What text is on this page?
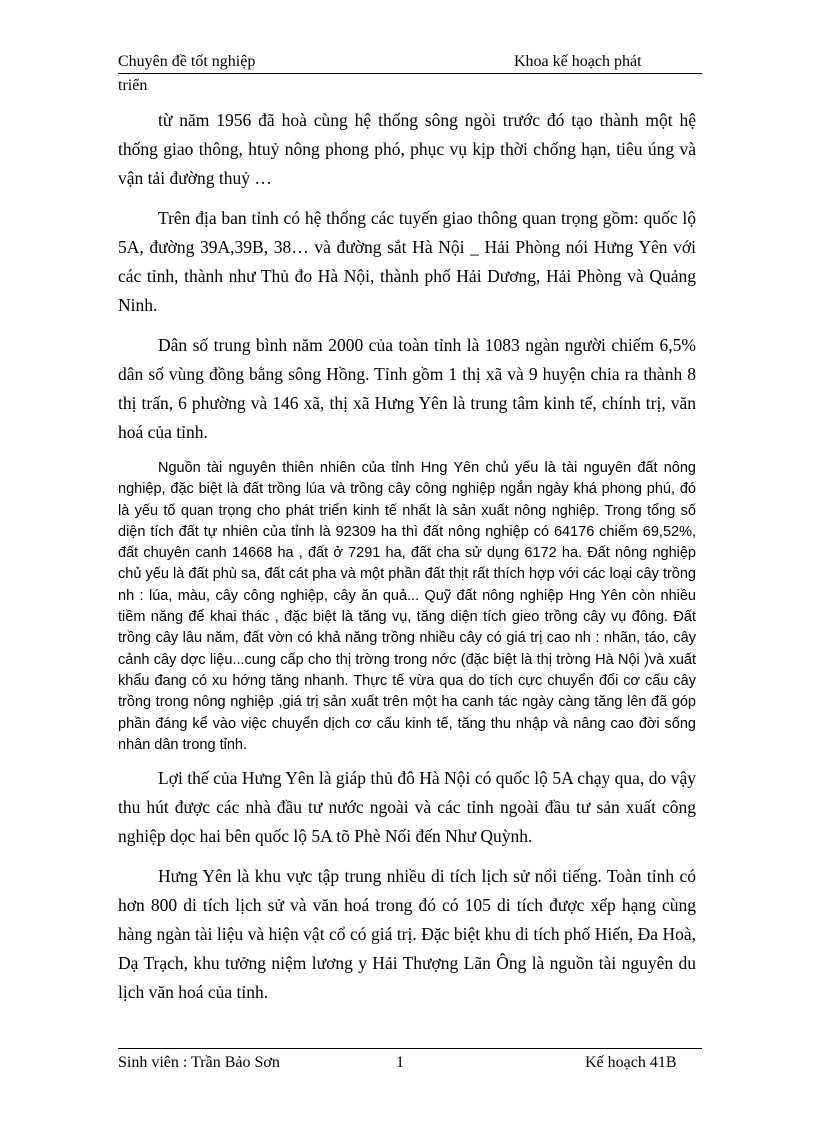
Chuyên đề tốt nghiệp	Khoa kế hoạch phát
triển

từ năm 1956 đã hoà cùng hệ thống sông ngòi trước đó tạo thành một hệ thống giao thông, htuỷ nông phong phó, phục vụ kịp thời chống hạn, tiêu úng và vận tải đường thuỷ …

Trên địa ban tỉnh có hệ thống các tuyến giao thông quan trọng gồm: quốc lộ 5A, đường 39A,39B, 38… và đường sắt Hà Nội _ Hải Phòng nói Hưng Yên với các tỉnh, thành như Thủ đo Hà Nội, thành phố Hải Dương, Hải Phòng và Quảng Ninh.

Dân số trung bình năm 2000 của toàn tỉnh là 1083 ngàn người chiếm 6,5% dân số vùng đồng bằng sông Hồng. Tỉnh gồm 1 thị xã và 9 huyện chia ra thành 8 thị trấn, 6 phường và 146 xã, thị xã Hưng Yên là trung tâm kinh tế, chính trị, văn hoá của tỉnh.

Nguồn tài nguyên thiên nhiên của tỉnh Hng Yên chủ yếu là tài nguyên đất nông nghiệp, đặc biệt là đất trồng lúa và trồng cây công nghiệp ngắn ngày khá phong phú, đó là yếu tố quan trọng cho phát triển kinh tế nhất là sản xuất nông nghiệp. Trong tổng số diện tích đất tự nhiên của tỉnh là 92309 ha thì đất nông nghiệp có 64176 chiếm 69,52%, đất chuyên canh 14668 ha , đất ở 7291 ha, đất cha sử dụng 6172 ha. Đất nông nghiệp chủ yếu là đất phù sa, đất cát pha và một phần đất thịt rất thích hợp với các loại cây trồng nh : lúa, màu, cây công nghiệp, cây ăn quả... Quỹ đất nông nghiệp Hng Yên còn nhiều tiềm năng để khai thác , đặc biệt là tăng vụ, tăng diện tích gieo trồng cây vụ đông. Đất trồng cây lâu năm, đất vờn có khả năng trồng nhiều cây có giá trị cao nh : nhãn, táo, cây cảnh cây dợc liệu...cung cấp cho thị trờng trong nớc (đặc biệt là thị trờng Hà Nội )và xuất khẩu đang có xu hớng tăng nhanh. Thực tế vừa qua do tích cực chuyển đổi cơ cấu cây trồng trong nông nghiệp ,giá trị sản xuất trên một ha canh tác ngày càng tăng lên đã góp phần đáng kể vào việc chuyển dịch cơ cấu kinh tế, tăng thu nhập và nâng cao đời sống nhân dân trong tỉnh.

Lợi thế của Hưng Yên là giáp thủ đô Hà Nội có quốc lộ 5A chạy qua, do vậy thu hút được các nhà đầu tư nước ngoài và các tỉnh ngoài đầu tư sản xuất công nghiệp dọc hai bên quốc lộ 5A tõ Phè Nối đến Như Quỳnh.

Hưng Yên là khu vực tập trung nhiều di tích lịch sử nổi tiếng. Toàn tỉnh có hơn 800 di tích lịch sử và văn hoá trong đó có 105 di tích được xếp hạng cùng hàng ngàn tài liệu và hiện vật cổ có giá trị. Đặc biệt khu di tích phố Hiến, Đa Hoà, Dạ Trạch, khu tưởng niệm lương y Hải Thượng Lãn Ông là nguồn tài nguyên du lịch văn hoá của tỉnh.

Sinh viên : Trần Bảo Sơn	1	Kế hoạch 41B
